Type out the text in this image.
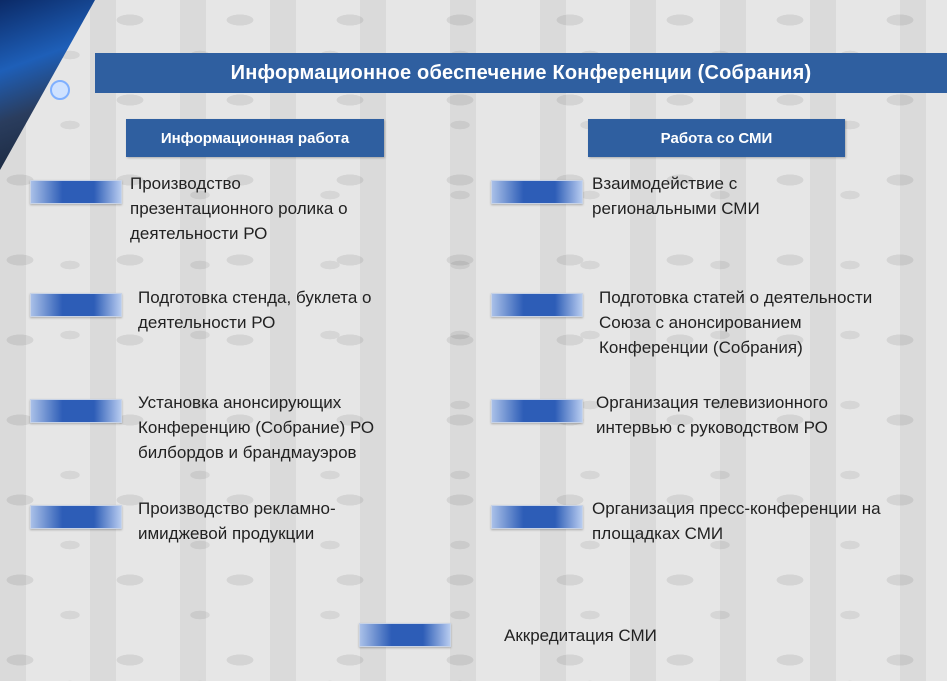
Информационное обеспечение Конференции (Собрания)
Информационная работа	Работа со СМИ
Производство
презентационного ролика о
деятельности РО
Подготовка стенда, буклета о
деятельности РО
Установка анонсирующих
Конференцию (Собрание) РО
билбордов и брандмауэров
Производство рекламно-
имиджевой продукции
Взаимодействие с
региональными СМИ
Подготовка статей о деятельности
Союза с анонсированием
Конференции (Собрания)
Организация телевизионного
интервью с руководством РО
Организация пресс-конференции на
площадках СМИ
Аккредитация СМИ
